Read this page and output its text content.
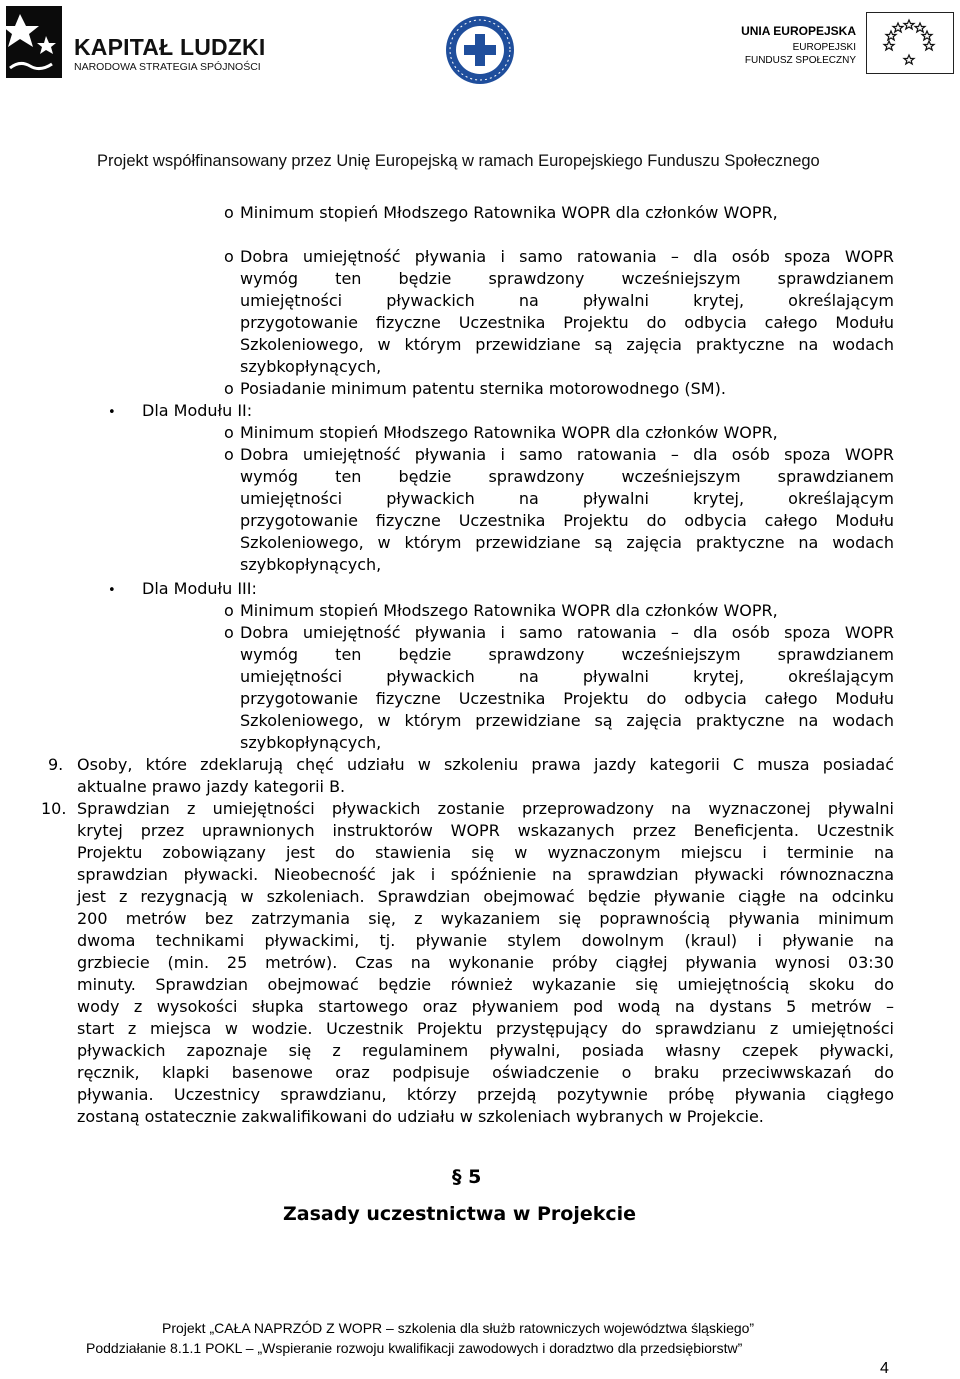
KAPITAŁ LUDZKI
NARODOWA STRATEGIA SPÓJNOŚCI
UNIA EUROPEJSKA
EUROPEJSKI
FUNDUSZ SPOŁECZNY
Projekt współfinansowany przez Unię Europejską w ramach Europejskiego Funduszu Społecznego
o Minimum stopień Młodszego Ratownika WOPR dla członków WOPR,
o Dobra umiejętność pływania i samo ratowania – dla osób spoza WOPR
wymóg ten będzie sprawdzony wcześniejszym sprawdzianem
umiejętności pływackich na pływalni krytej, określającym
przygotowanie fizyczne Uczestnika Projektu do odbycia całego Modułu
Szkoleniowego, w którym przewidziane są zajęcia praktyczne na wodach
szybkopłynących,
o Posiadanie minimum patentu sternika motorowodnego (SM).
• Dla Modułu II:
o Minimum stopień Młodszego Ratownika WOPR dla członków WOPR,
o Dobra umiejętność pływania i samo ratowania – dla osób spoza WOPR
wymóg ten będzie sprawdzony wcześniejszym sprawdzianem
umiejętności pływackich na pływalni krytej, określającym
przygotowanie fizyczne Uczestnika Projektu do odbycia całego Modułu
Szkoleniowego, w którym przewidziane są zajęcia praktyczne na wodach
szybkopłynących,
• Dla Modułu III:
o Minimum stopień Młodszego Ratownika WOPR dla członków WOPR,
o Dobra umiejętność pływania i samo ratowania – dla osób spoza WOPR
wymóg ten będzie sprawdzony wcześniejszym sprawdzianem
umiejętności pływackich na pływalni krytej, określającym
przygotowanie fizyczne Uczestnika Projektu do odbycia całego Modułu
Szkoleniowego, w którym przewidziane są zajęcia praktyczne na wodach
szybkopłynących,
9. Osoby, które zdeklarują chęć udziału w szkoleniu prawa jazdy kategorii C musza posiadać
aktualne prawo jazdy kategorii B.
10. Sprawdzian z umiejętności pływackich zostanie przeprowadzony na wyznaczonej pływalni
krytej przez uprawnionych instruktorów WOPR wskazanych przez Beneficjenta. Uczestnik
Projektu zobowiązany jest do stawienia się w wyznaczonym miejscu i terminie na
sprawdzian pływacki. Nieobecność jak i spóźnienie na sprawdzian pływacki równoznaczna
jest z rezygnacją w szkoleniach. Sprawdzian obejmować będzie pływanie ciągłe na odcinku
200 metrów bez zatrzymania się, z wykazaniem się poprawnością pływania minimum
dwoma technikami pływackimi, tj. pływanie stylem dowolnym (kraul) i pływanie na
grzbiecie (min. 25 metrów). Czas na wykonanie próby ciągłej pływania wynosi 03:30
minuty. Sprawdzian obejmować będzie również wykazanie się umiejętnością skoku do
wody z wysokości słupka startowego oraz pływaniem pod wodą na dystans 5 metrów –
start z miejsca w wodzie. Uczestnik Projektu przystępujący do sprawdzianu z umiejętności
pływackich zapoznaje się z regulaminem pływalni, posiada własny czepek pływacki,
ręcznik, klapki basenowe oraz podpisuje oświadczenie o braku przeciwwskazań do
pływania. Uczestnicy sprawdzianu, którzy przejdą pozytywnie próbę pływania ciągłego
zostaną ostatecznie zakwalifikowani do udziału w szkoleniach wybranych w Projekcie.
§ 5
Zasady uczestnictwa w Projekcie
Projekt „CAŁA NAPRZÓD Z WOPR – szkolenia dla służb ratowniczych województwa śląskiego”
Poddziałanie 8.1.1 POKL – „Wspieranie rozwoju kwalifikacji zawodowych i doradztwo dla przedsiębiorstw”
4
